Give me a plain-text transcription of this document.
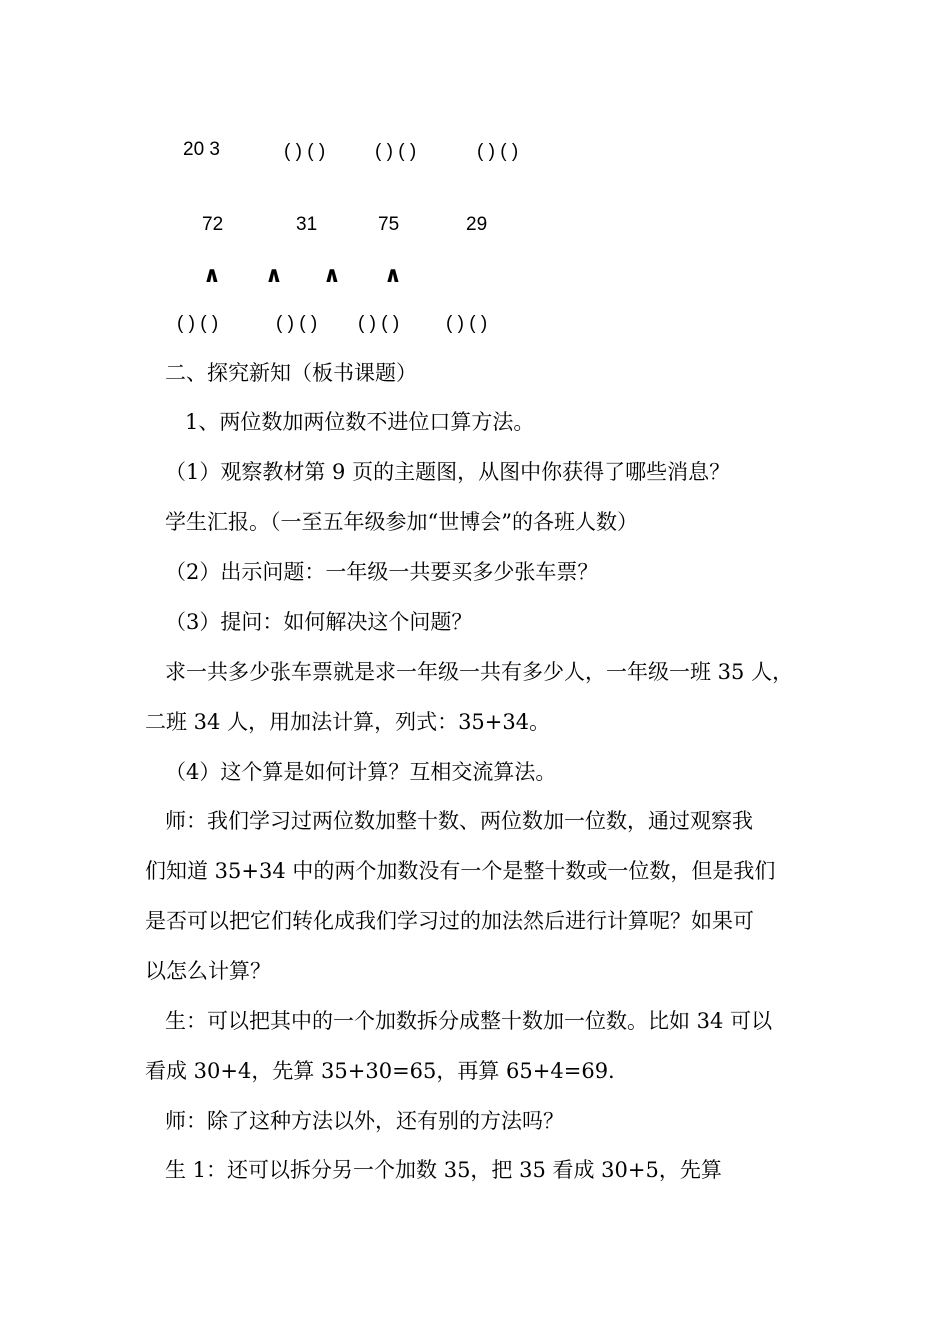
20 3	( ) ( )	( ) ( )	( ) ( )
72	31	75	29
∧ ∧ ∧ ∧
( ) ( )	( ) ( ) ( ) ( ) ( ) ( )
二、探究新知（板书课题）
1、两位数加两位数不进位口算方法。
（1）观察教材第 9 页的主题图，从图中你获得了哪些消息？
学生汇报。（一至五年级参加“世博会”的各班人数）
（2）出示问题：一年级一共要买多少张车票？
（3）提问：如何解决这个问题？
求一共多少张车票就是求一年级一共有多少人，一年级一班 35 人，
二班 34 人，用加法计算，列式：35+34。
（4）这个算是如何计算？互相交流算法。
师：我们学习过两位数加整十数、两位数加一位数，通过观察我
们知道 35+34 中的两个加数没有一个是整十数或一位数，但是我们
是否可以把它们转化成我们学习过的加法然后进行计算呢？如果可
以怎么计算？
生：可以把其中的一个加数拆分成整十数加一位数。比如 34 可以
看成 30+4，先算 35+30=65，再算 65+4=69.
师：除了这种方法以外，还有别的方法吗？
生 1：还可以拆分另一个加数 35，把 35 看成 30+5，先算
